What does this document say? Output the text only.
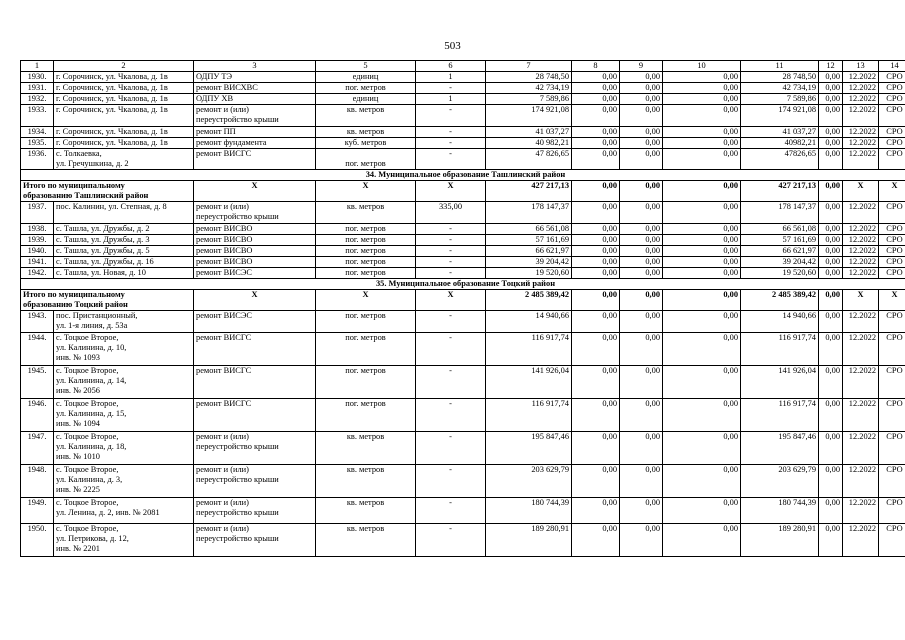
503
1	2	3	5	6	7	8	9	10	11	12	13	14
1930.	г. Сорочинск, ул. Чкалова, д. 1в	ОДПУ ТЭ	единиц	1	28 748,50	0,00	0,00	0,00	28 748,50	0,00	12.2022	СРО
1931.	г. Сорочинск, ул. Чкалова, д. 1в	ремонт ВИСХВС	пог. метров	-	42 734,19	0,00	0,00	0,00	42 734,19	0,00	12.2022	СРО
1932.	г. Сорочинск, ул. Чкалова, д. 1в	ОДПУ ХВ	единиц	1	7 589,86	0,00	0,00	0,00	7 589,86	0,00	12.2022	СРО
1933.	г. Сорочинск, ул. Чкалова, д. 1в	ремонт и (или)
переустройство крыши	кв. метров	-	174 921,08	0,00	0,00	0,00	174 921,08	0,00	12.2022	СРО
1934.	г. Сорочинск, ул. Чкалова, д. 1в	ремонт ПП	кв. метров	-	41 037,27	0,00	0,00	0,00	41 037,27	0,00	12.2022	СРО
1935.	г. Сорочинск, ул. Чкалова, д. 1в	ремонт фундамента	куб. метров	-	40 982,21	0,00	0,00	0,00	40982,21	0,00	12.2022	СРО
1936.	с. Толкаевка,
ул. Гречушкина, д. 2	ремонт ВИСГС	пог. метров	-	47 826,65	0,00	0,00	0,00	47826,65	0,00	12.2022	СРО
34. Муниципальное образование Ташлинский район												
Итого по муниципальному
образованию Ташлинский район		Х	Х	Х	427 217,13	0,00	0,00	0,00	427 217,13	0,00	Х	Х
1937.	пос. Калинин, ул. Степная, д. 8	ремонт и (или)
переустройство крыши	кв. метров	335,00	178 147,37	0,00	0,00	0,00	178 147,37	0,00	12.2022	СРО
1938.	с. Ташла, ул. Дружбы, д. 2	ремонт ВИСВО	пог. метров	-	66 561,08	0,00	0,00	0,00	66 561,08	0,00	12.2022	СРО
1939.	с. Ташла, ул. Дружбы, д. 3	ремонт ВИСВО	пог. метров	-	57 161,69	0,00	0,00	0,00	57 161,69	0,00	12.2022	СРО
1940.	с. Ташла, ул. Дружбы, д. 5	ремонт ВИСВО	пог. метров	-	66 621,97	0,00	0,00	0,00	66 621,97	0,00	12.2022	СРО
1941.	с. Ташла, ул. Дружбы, д. 16	ремонт ВИСВО	пог. метров	-	39 204,42	0,00	0,00	0,00	39 204,42	0,00	12.2022	СРО
1942.	с. Ташла, ул. Новая, д. 10	ремонт ВИСЭС	пог. метров	-	19 520,60	0,00	0,00	0,00	19 520,60	0,00	12.2022	СРО
35. Муниципальное образование Тоцкий район												
Итого по муниципальному
образованию Тоцкий район		Х	Х	Х	2 485 389,42	0,00	0,00	0,00	2 485 389,42	0,00	Х	Х
1943.	пос. Пристанционный,
ул. 1-я линия, д. 53а	ремонт ВИСЭС	пог. метров	-	14 940,66	0,00	0,00	0,00	14 940,66	0,00	12.2022	СРО
1944.	с. Тоцкое Второе,
ул. Калинина, д. 10,
инв. № 1093	ремонт ВИСГС	пог. метров	-	116 917,74	0,00	0,00	0,00	116 917,74	0,00	12.2022	СРО
1945.	с. Тоцкое Второе,
ул. Калинина, д. 14,
инв. № 2056	ремонт ВИСГС	пог. метров	-	141 926,04	0,00	0,00	0,00	141 926,04	0,00	12.2022	СРО
1946.	с. Тоцкое Второе,
ул. Калинина, д. 15,
инв. № 1094	ремонт ВИСГС	пог. метров	-	116 917,74	0,00	0,00	0,00	116 917,74	0,00	12.2022	СРО
1947.	с. Тоцкое Второе,
ул. Калинина, д. 18,
инв. № 1010	ремонт и (или)
переустройство крыши	кв. метров	-	195 847,46	0,00	0,00	0,00	195 847,46	0,00	12.2022	СРО
1948.	с. Тоцкое Второе,
ул. Калинина, д. 3,
инв. № 2225	ремонт и (или)
переустройство крыши	кв. метров	-	203 629,79	0,00	0,00	0,00	203 629,79	0,00	12.2022	СРО
1949.	с. Тоцкое Второе,
ул. Ленина, д. 2, инв. № 2081	ремонт и (или)
переустройство крыши	кв. метров	-	180 744,39	0,00	0,00	0,00	180 744,39	0,00	12.2022	СРО
1950.	с. Тоцкое Второе,
ул. Петрикова, д. 12,
инв. № 2201	ремонт и (или)
переустройство крыши	кв. метров	-	189 280,91	0,00	0,00	0,00	189 280,91	0,00	12.2022	СРО
